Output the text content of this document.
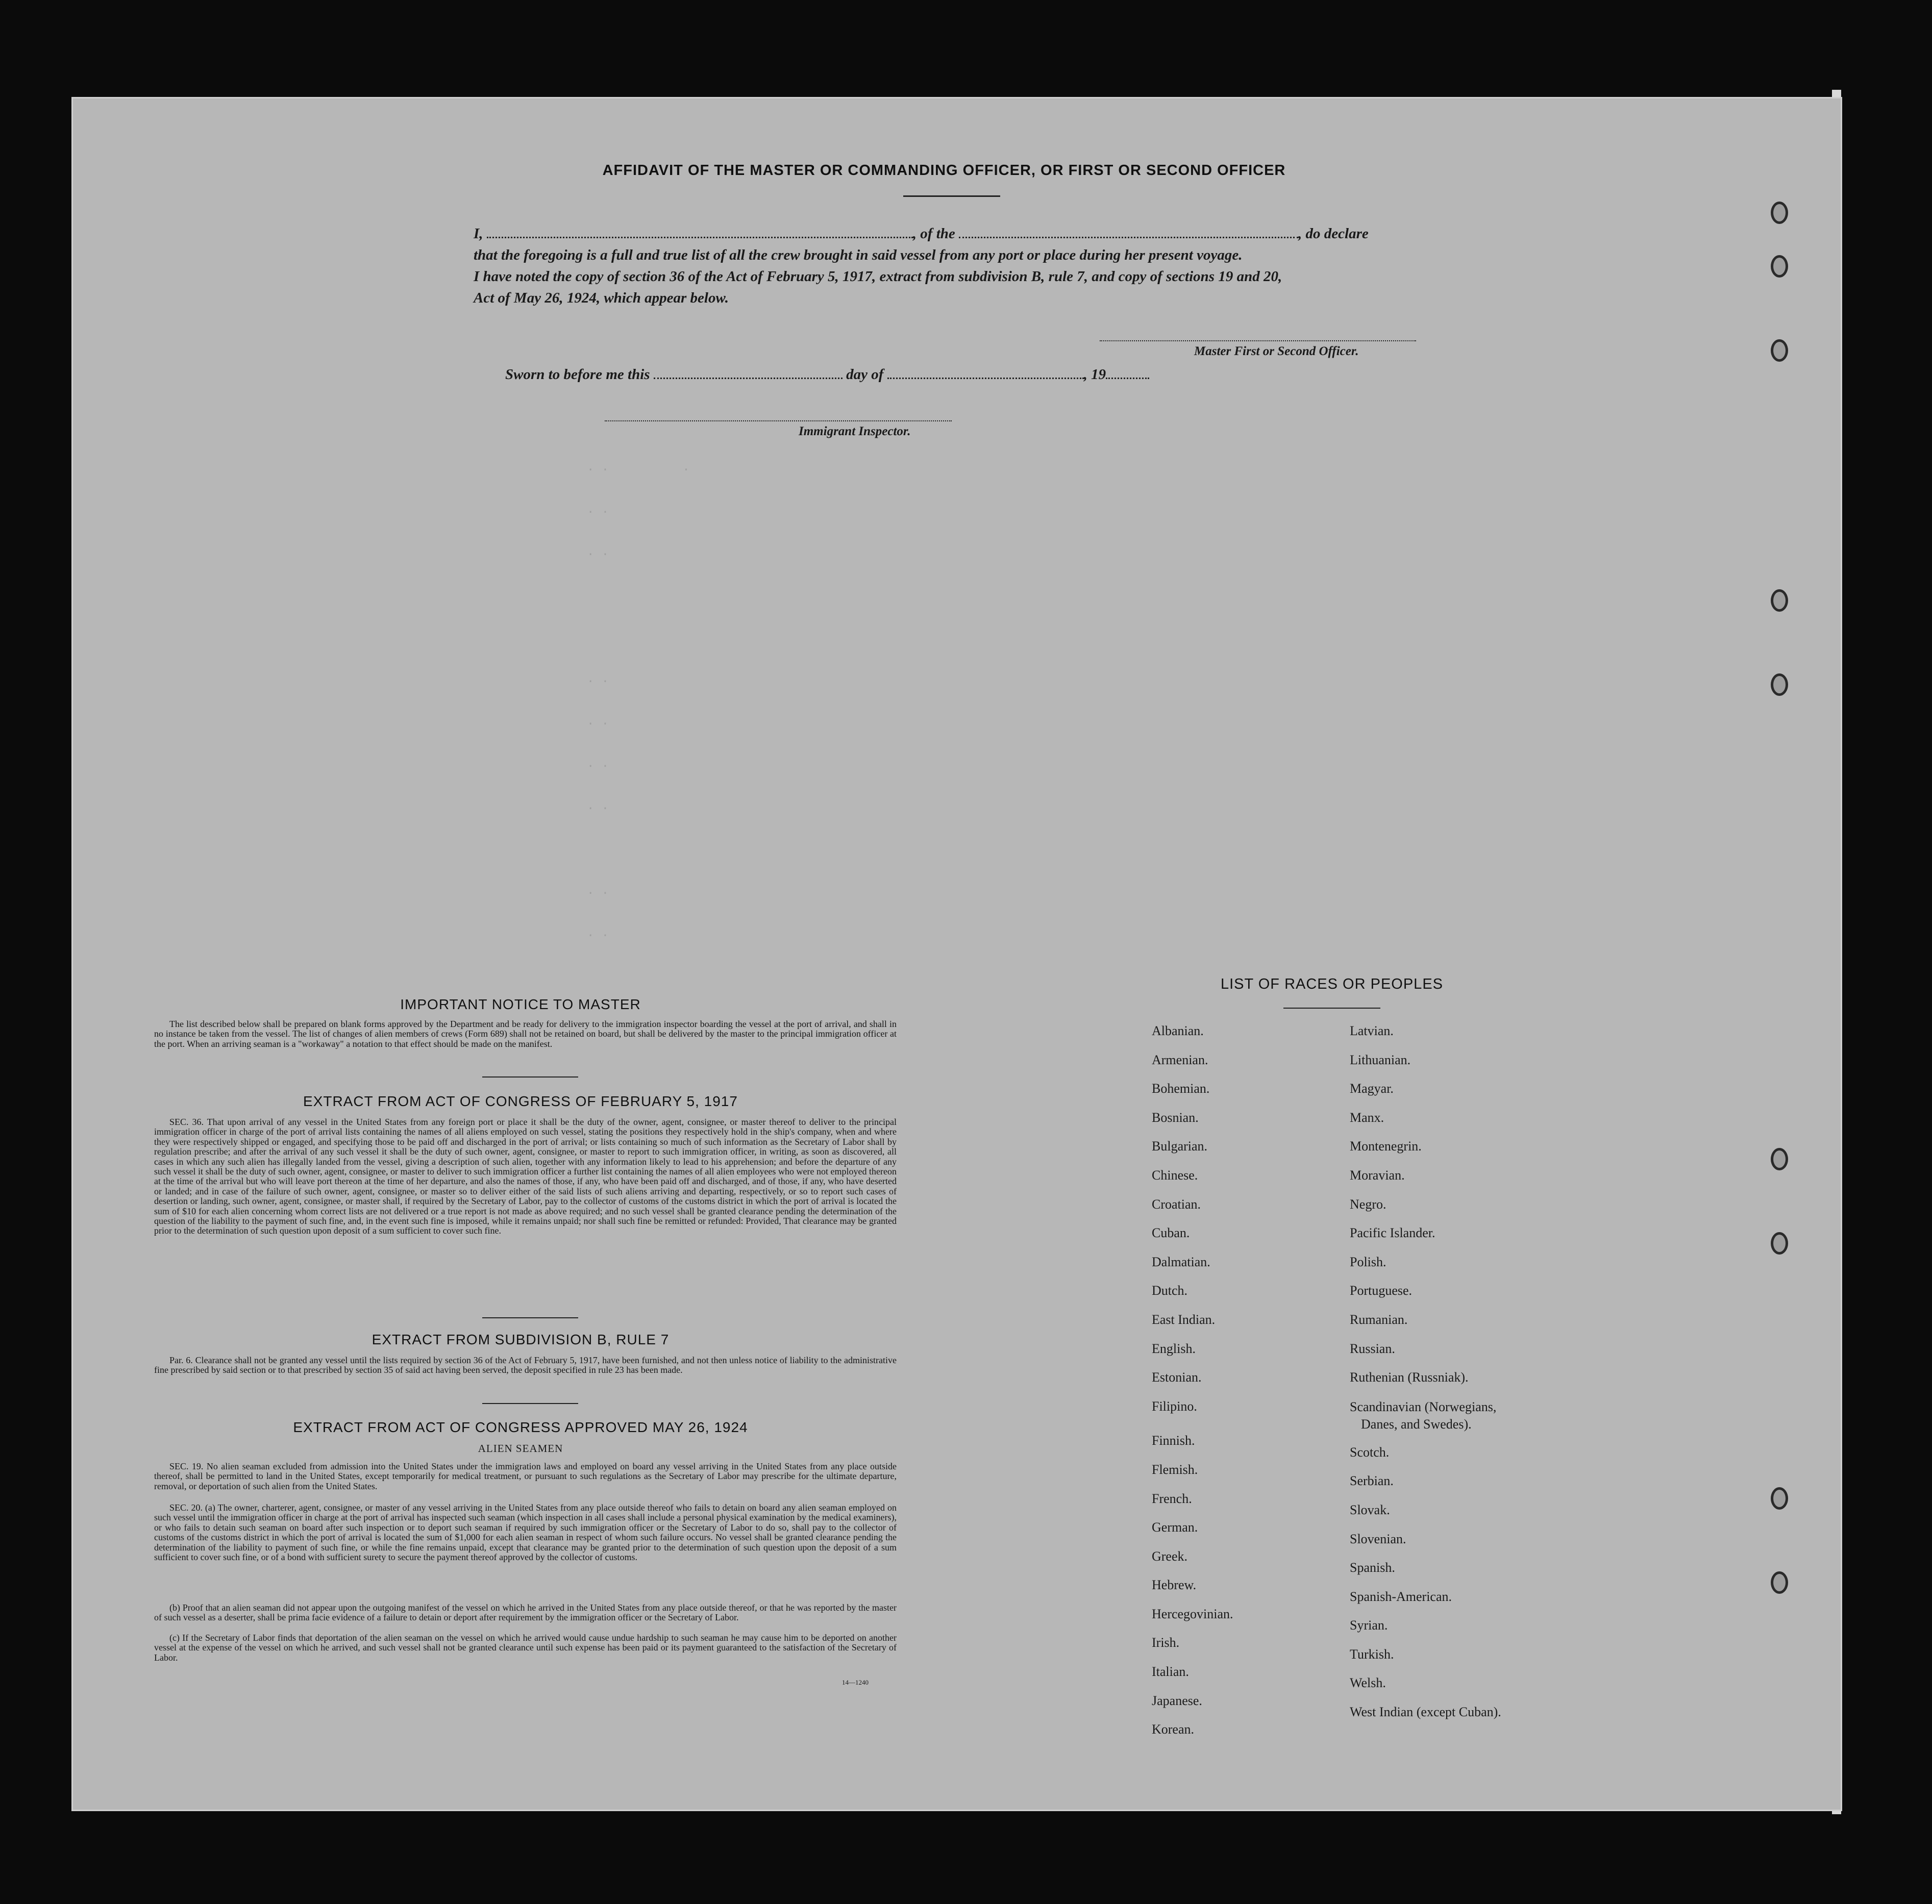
AFFIDAVIT OF THE MASTER OR COMMANDING OFFICER, OR FIRST OR SECOND OFFICER
I,	, of the	, do declare
that the foregoing is a full and true list of all the crew brought in said vessel from any port or place during her present voyage.
I have noted the copy of section 36 of the Act of February 5, 1917, extract from subdivision B, rule 7, and copy of sections 19 and 20,
Act of May 26, 1924, which appear below.
Master First or Second Officer.
Sworn to before me this	day of	, 19
Immigrant Inspector.
· ·          ·
· ·
· ·

· ·
· ·
· ·
· ·

· ·
· ·
IMPORTANT NOTICE TO MASTER

The list described below shall be prepared on blank forms approved by the Department and be ready for delivery to the immigration inspector boarding the vessel at the port of arrival, and shall in no instance be taken from the vessel. The list of changes of alien members of crews (Form 689) shall not be retained on board, but shall be delivered by the master to the principal immigration officer at the port. When an arriving seaman is a "workaway" a notation to that effect should be made on the manifest.

EXTRACT FROM ACT OF CONGRESS OF FEBRUARY 5, 1917

SEC. 36. That upon arrival of any vessel in the United States from any foreign port or place it shall be the duty of the owner, agent, consignee, or master thereof to deliver to the principal immigration officer in charge of the port of arrival lists containing the names of all aliens employed on such vessel, stating the positions they respectively hold in the ship's company, when and where they were respectively shipped or engaged, and specifying those to be paid off and discharged in the port of arrival; or lists containing so much of such information as the Secretary of Labor shall by regulation prescribe; and after the arrival of any such vessel it shall be the duty of such owner, agent, consignee, or master to report to such immigration officer, in writing, as soon as discovered, all cases in which any such alien has illegally landed from the vessel, giving a description of such alien, together with any information likely to lead to his apprehension; and before the departure of any such vessel it shall be the duty of such owner, agent, consignee, or master to deliver to such immigration officer a further list containing the names of all alien employees who were not employed thereon at the time of the arrival but who will leave port thereon at the time of her departure, and also the names of those, if any, who have been paid off and discharged, and of those, if any, who have deserted or landed; and in case of the failure of such owner, agent, consignee, or master so to deliver either of the said lists of such aliens arriving and departing, respectively, or so to report such cases of desertion or landing, such owner, agent, consignee, or master shall, if required by the Secretary of Labor, pay to the collector of customs of the customs district in which the port of arrival is located the sum of $10 for each alien concerning whom correct lists are not delivered or a true report is not made as above required; and no such vessel shall be granted clearance pending the determination of the question of the liability to the payment of such fine, and, in the event such fine is imposed, while it remains unpaid; nor shall such fine be remitted or refunded: Provided, That clearance may be granted prior to the determination of such question upon deposit of a sum sufficient to cover such fine.

EXTRACT FROM SUBDIVISION B, RULE 7

Par. 6. Clearance shall not be granted any vessel until the lists required by section 36 of the Act of February 5, 1917, have been furnished, and not then unless notice of liability to the administrative fine prescribed by said section or to that prescribed by section 35 of said act having been served, the deposit specified in rule 23 has been made.

EXTRACT FROM ACT OF CONGRESS APPROVED MAY 26, 1924
ALIEN SEAMEN

SEC. 19. No alien seaman excluded from admission into the United States under the immigration laws and employed on board any vessel arriving in the United States from any place outside thereof, shall be permitted to land in the United States, except temporarily for medical treatment, or pursuant to such regulations as the Secretary of Labor may prescribe for the ultimate departure, removal, or deportation of such alien from the United States.

SEC. 20. (a) The owner, charterer, agent, consignee, or master of any vessel arriving in the United States from any place outside thereof who fails to detain on board any alien seaman employed on such vessel until the immigration officer in charge at the port of arrival has inspected such seaman (which inspection in all cases shall include a personal physical examination by the medical examiners), or who fails to detain such seaman on board after such inspection or to deport such seaman if required by such immigration officer or the Secretary of Labor to do so, shall pay to the collector of customs of the customs district in which the port of arrival is located the sum of $1,000 for each alien seaman in respect of whom such failure occurs. No vessel shall be granted clearance pending the determination of the liability to payment of such fine, or while the fine remains unpaid, except that clearance may be granted prior to the determination of such question upon the deposit of a sum sufficient to cover such fine, or of a bond with sufficient surety to secure the payment thereof approved by the collector of customs.

(b) Proof that an alien seaman did not appear upon the outgoing manifest of the vessel on which he arrived in the United States from any place outside thereof, or that he was reported by the master of such vessel as a deserter, shall be prima facie evidence of a failure to detain or deport after requirement by the immigration officer or the Secretary of Labor.

(c) If the Secretary of Labor finds that deportation of the alien seaman on the vessel on which he arrived would cause undue hardship to such seaman he may cause him to be deported on another vessel at the expense of the vessel on which he arrived, and such vessel shall not be granted clearance until such expense has been paid or its payment guaranteed to the satisfaction of the Secretary of Labor.

14—1240
LIST OF RACES OR PEOPLES
Albanian.
Armenian.
Bohemian.
Bosnian.
Bulgarian.
Chinese.
Croatian.
Cuban.
Dalmatian.
Dutch.
East Indian.
English.
Estonian.
Filipino.
Finnish.
Flemish.
French.
German.
Greek.
Hebrew.
Hercegovinian.
Irish.
Italian.
Japanese.
Korean.
Latvian.
Lithuanian.
Magyar.
Manx.
Montenegrin.
Moravian.
Negro.
Pacific Islander.
Polish.
Portuguese.
Rumanian.
Russian.
Ruthenian (Russniak).
Scandinavian (Norwegians,
Danes, and Swedes).
Scotch.
Serbian.
Slovak.
Slovenian.
Spanish.
Spanish-American.
Syrian.
Turkish.
Welsh.
West Indian (except Cuban).
